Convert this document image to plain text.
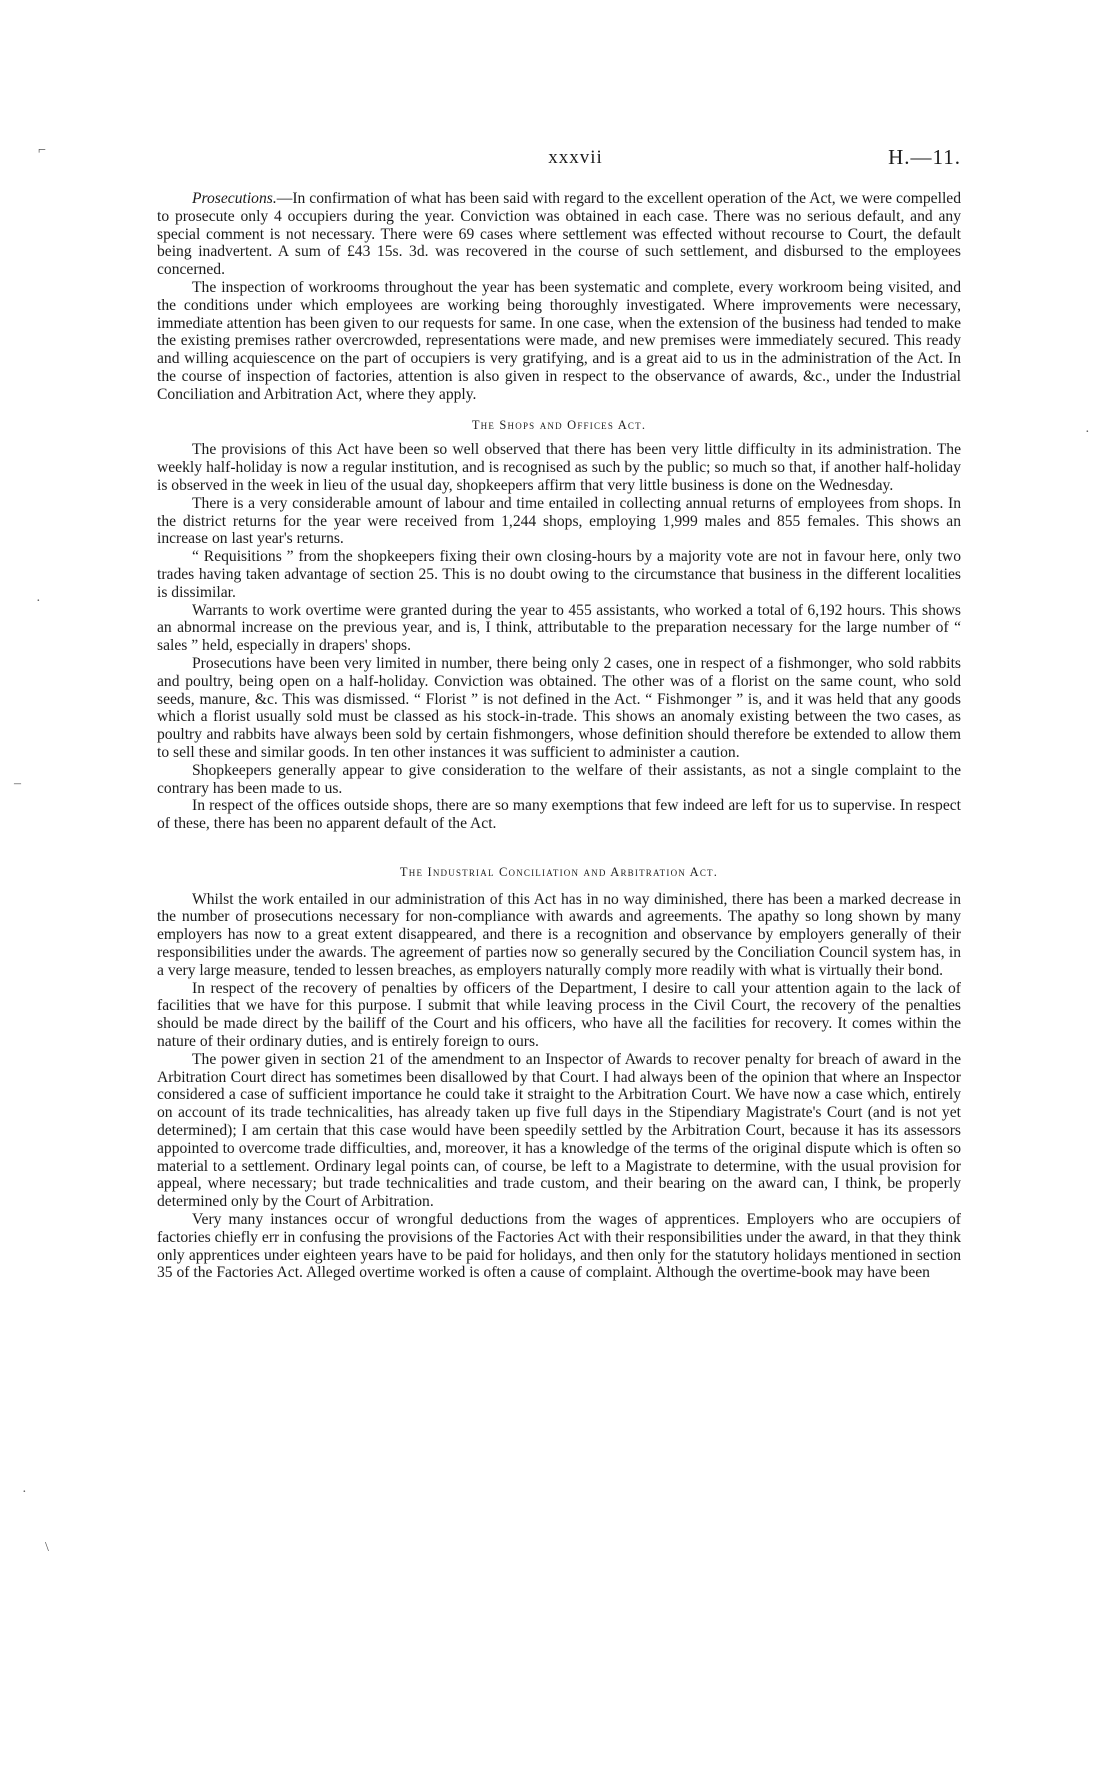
xxxvii	H.—11.
⌐
·
·
–
·
\

Prosecutions.—In confirmation of what has been said with regard to the excellent operation of the Act, we were compelled to prosecute only 4 occupiers during the year. Conviction was obtained in each case. There was no serious default, and any special comment is not necessary. There were 69 cases where settlement was effected without recourse to Court, the default being inadvertent. A sum of £43 15s. 3d. was recovered in the course of such settlement, and disbursed to the employees concerned.

The inspection of workrooms throughout the year has been systematic and complete, every workroom being visited, and the conditions under which employees are working being thoroughly investigated. Where improvements were necessary, immediate attention has been given to our requests for same. In one case, when the extension of the business had tended to make the existing premises rather overcrowded, representations were made, and new premises were immediately secured. This ready and willing acquiescence on the part of occupiers is very gratifying, and is a great aid to us in the administration of the Act. In the course of inspection of factories, attention is also given in respect to the observance of awards, &c., under the Industrial Conciliation and Arbitration Act, where they apply.

The Shops and Offices Act.

The provisions of this Act have been so well observed that there has been very little difficulty in its administration. The weekly half-holiday is now a regular institution, and is recognised as such by the public; so much so that, if another half-holiday is observed in the week in lieu of the usual day, shopkeepers affirm that very little business is done on the Wednesday.

There is a very considerable amount of labour and time entailed in collecting annual returns of employees from shops. In the district returns for the year were received from 1,244 shops, employing 1,999 males and 855 females. This shows an increase on last year's returns.

“ Requisitions ” from the shopkeepers fixing their own closing-hours by a majority vote are not in favour here, only two trades having taken advantage of section 25. This is no doubt owing to the circumstance that business in the different localities is dissimilar.

Warrants to work overtime were granted during the year to 455 assistants, who worked a total of 6,192 hours. This shows an abnormal increase on the previous year, and is, I think, attributable to the preparation necessary for the large number of “ sales ” held, especially in drapers' shops.

Prosecutions have been very limited in number, there being only 2 cases, one in respect of a fishmonger, who sold rabbits and poultry, being open on a half-holiday. Conviction was obtained. The other was of a florist on the same count, who sold seeds, manure, &c. This was dismissed. “ Florist ” is not defined in the Act. “ Fishmonger ” is, and it was held that any goods which a florist usually sold must be classed as his stock-in-trade. This shows an anomaly existing between the two cases, as poultry and rabbits have always been sold by certain fishmongers, whose definition should therefore be extended to allow them to sell these and similar goods. In ten other instances it was sufficient to administer a caution.

Shopkeepers generally appear to give consideration to the welfare of their assistants, as not a single complaint to the contrary has been made to us.

In respect of the offices outside shops, there are so many exemptions that few indeed are left for us to supervise. In respect of these, there has been no apparent default of the Act.

The Industrial Conciliation and Arbitration Act.

Whilst the work entailed in our administration of this Act has in no way diminished, there has been a marked decrease in the number of prosecutions necessary for non-compliance with awards and agreements. The apathy so long shown by many employers has now to a great extent disappeared, and there is a recognition and observance by employers generally of their responsibilities under the awards. The agreement of parties now so generally secured by the Conciliation Council system has, in a very large measure, tended to lessen breaches, as employers naturally comply more readily with what is virtually their bond.

In respect of the recovery of penalties by officers of the Department, I desire to call your attention again to the lack of facilities that we have for this purpose. I submit that while leaving process in the Civil Court, the recovery of the penalties should be made direct by the bailiff of the Court and his officers, who have all the facilities for recovery. It comes within the nature of their ordinary duties, and is entirely foreign to ours.

The power given in section 21 of the amendment to an Inspector of Awards to recover penalty for breach of award in the Arbitration Court direct has sometimes been disallowed by that Court. I had always been of the opinion that where an Inspector considered a case of sufficient importance he could take it straight to the Arbitration Court. We have now a case which, entirely on account of its trade technicalities, has already taken up five full days in the Stipendiary Magistrate's Court (and is not yet determined); I am certain that this case would have been speedily settled by the Arbitration Court, because it has its assessors appointed to overcome trade difficulties, and, moreover, it has a knowledge of the terms of the original dispute which is often so material to a settlement. Ordinary legal points can, of course, be left to a Magistrate to determine, with the usual provision for appeal, where necessary; but trade technicalities and trade custom, and their bearing on the award can, I think, be properly determined only by the Court of Arbitration.

Very many instances occur of wrongful deductions from the wages of apprentices. Employers who are occupiers of factories chiefly err in confusing the provisions of the Factories Act with their responsibilities under the award, in that they think only apprentices under eighteen years have to be paid for holidays, and then only for the statutory holidays mentioned in section 35 of the Factories Act. Alleged overtime worked is often a cause of complaint. Although the overtime-book may have been
